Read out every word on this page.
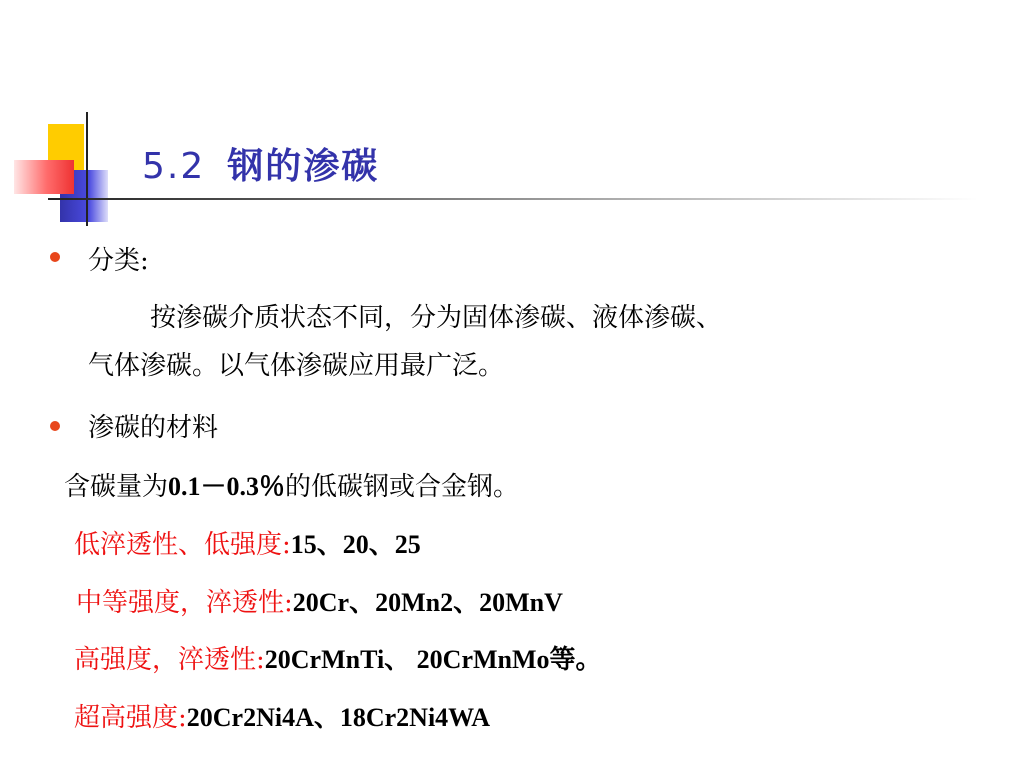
5.2 钢的渗碳
分类:
按渗碳介质状态不同，分为固体渗碳、液体渗碳、
气体渗碳。以气体渗碳应用最广泛。
渗碳的材料
含碳量为0.1－0.3％的低碳钢或合金钢。
低淬透性、低强度:15、20、25
中等强度，淬透性:20Cr、20Mn2、20MnV
高强度，淬透性:20CrMnTi、 20CrMnMo等。
超高强度:20Cr2Ni4A、18Cr2Ni4WA
